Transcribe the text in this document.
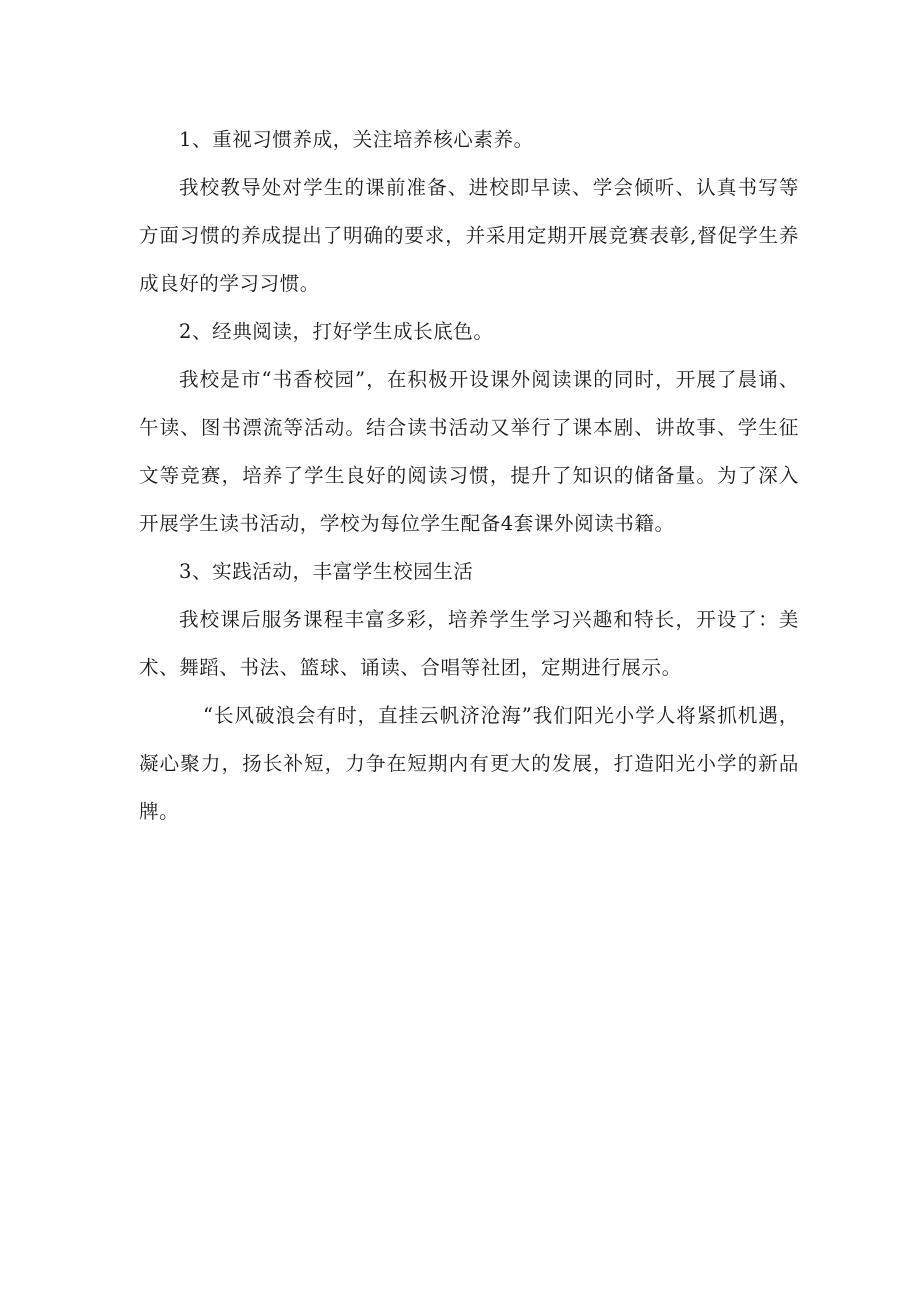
1、重视习惯养成，关注培养核心素养。

我校教导处对学生的课前准备、进校即早读、学会倾听、认真书写等方面习惯的养成提出了明确的要求，并采用定期开展竞赛表彰,督促学生养成良好的学习习惯。

2、经典阅读，打好学生成长底色。

我校是市“书香校园”，在积极开设课外阅读课的同时，开展了晨诵、午读、图书漂流等活动。结合读书活动又举行了课本剧、讲故事、学生征文等竞赛，培养了学生良好的阅读习惯，提升了知识的储备量。为了深入开展学生读书活动，学校为每位学生配备4套课外阅读书籍。

3、实践活动，丰富学生校园生活

我校课后服务课程丰富多彩，培养学生学习兴趣和特长，开设了：美术、舞蹈、书法、篮球、诵读、合唱等社团，定期进行展示。

“长风破浪会有时，直挂云帆济沧海”我们阳光小学人将紧抓机遇，凝心聚力，扬长补短，力争在短期内有更大的发展，打造阳光小学的新品牌。
